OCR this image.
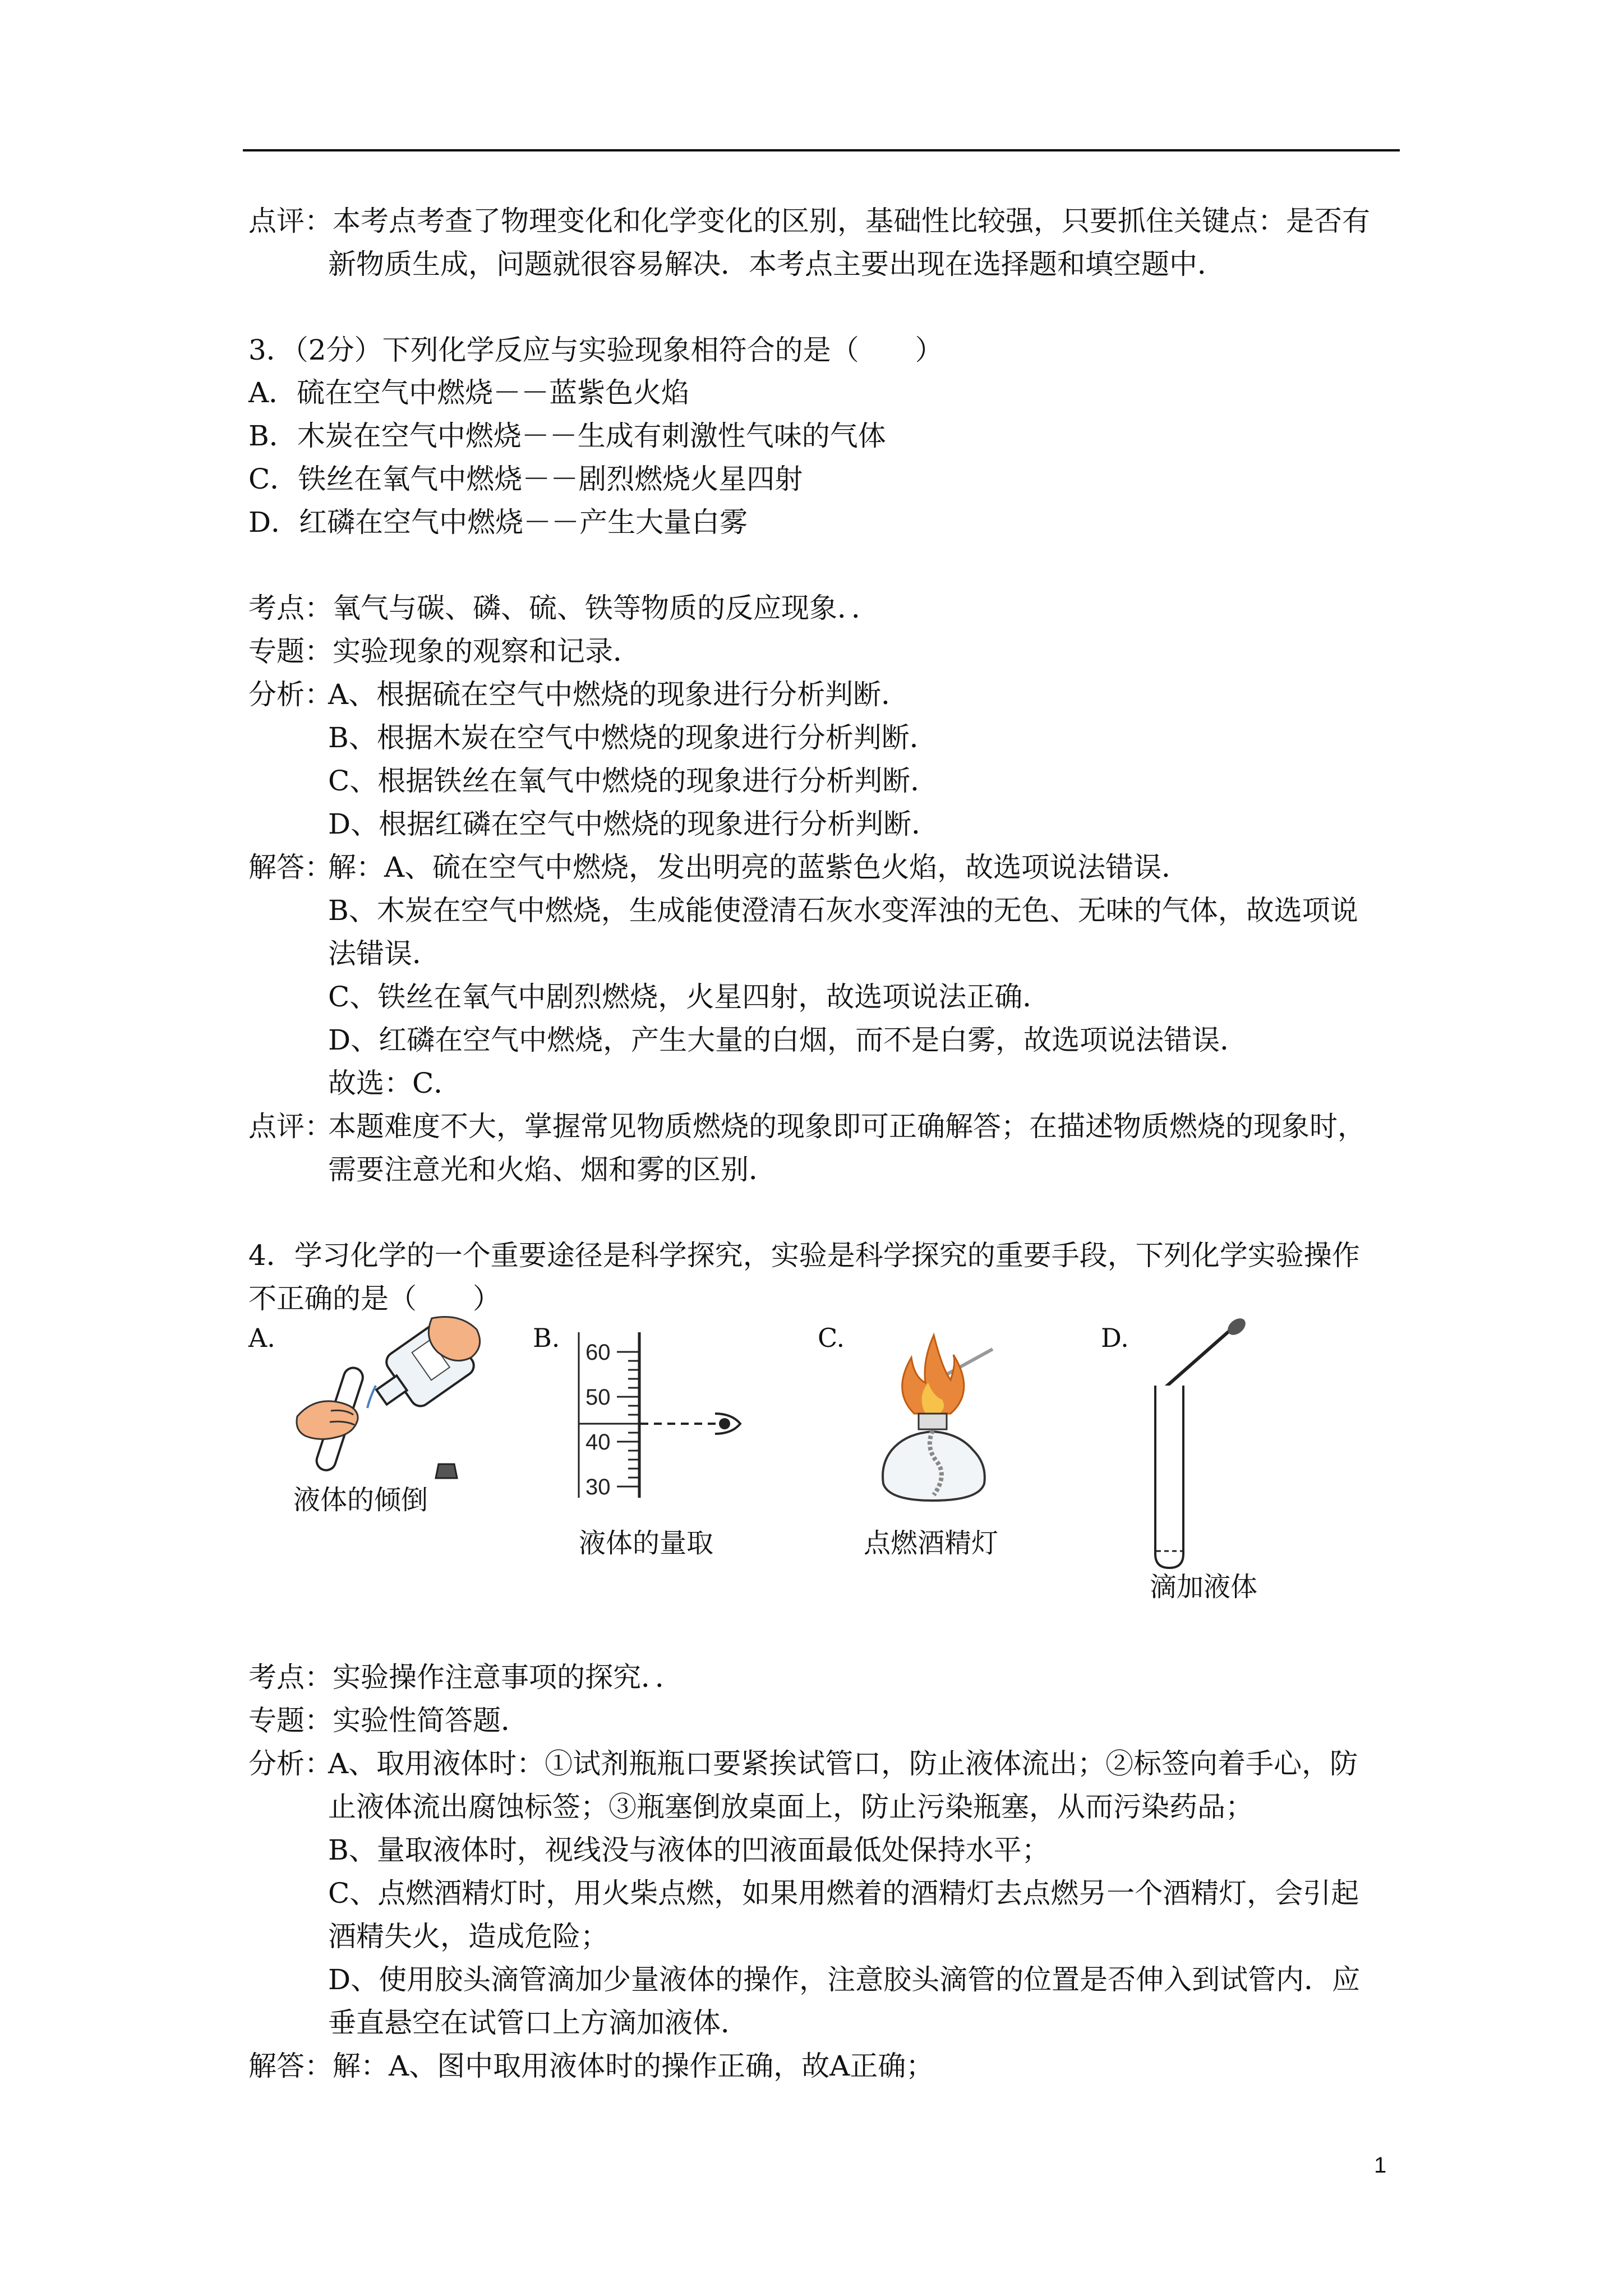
点评：本考点考查了物理变化和化学变化的区别，基础性比较强，只要抓住关键点：是否有
新物质生成，问题就很容易解决．本考点主要出现在选择题和填空题中．
3．（2分）下列化学反应与实验现象相符合的是（　　）
A．硫在空气中燃烧－－蓝紫色火焰
B．木炭在空气中燃烧－－生成有刺激性气味的气体
C．铁丝在氧气中燃烧－－剧烈燃烧火星四射
D．红磷在空气中燃烧－－产生大量白雾
考点：氧气与碳、磷、硫、铁等物质的反应现象．．
专题：实验现象的观察和记录．
分析：
A、根据硫在空气中燃烧的现象进行分析判断．
B、根据木炭在空气中燃烧的现象进行分析判断．
C、根据铁丝在氧气中燃烧的现象进行分析判断．
D、根据红磷在空气中燃烧的现象进行分析判断．
解答：
解：A、硫在空气中燃烧，发出明亮的蓝紫色火焰，故选项说法错误．
B、木炭在空气中燃烧，生成能使澄清石灰水变浑浊的无色、无味的气体，故选项说
法错误．
C、铁丝在氧气中剧烈燃烧，火星四射，故选项说法正确．
D、红磷在空气中燃烧，产生大量的白烟，而不是白雾，故选项说法错误．
故选：C．
点评：
本题难度不大，掌握常见物质燃烧的现象即可正确解答；在描述物质燃烧的现象时，
需要注意光和火焰、烟和雾的区别．
4．学习化学的一个重要途径是科学探究，实验是科学探究的重要手段，下列化学实验操作
不正确的是（　　）
A.	B.	C.	D.
液体的倾倒
60
50
40
30
液体的量取	点燃酒精灯
滴加液体
考点：实验操作注意事项的探究．．
专题：实验性简答题．
分析：
A、取用液体时：①试剂瓶瓶口要紧挨试管口，防止液体流出；②标签向着手心，防
止液体流出腐蚀标签；③瓶塞倒放桌面上，防止污染瓶塞，从而污染药品；
B、量取液体时，视线没与液体的凹液面最低处保持水平；
C、点燃酒精灯时，用火柴点燃，如果用燃着的酒精灯去点燃另一个酒精灯，会引起
酒精失火，造成危险；
D、使用胶头滴管滴加少量液体的操作，注意胶头滴管的位置是否伸入到试管内．应
垂直悬空在试管口上方滴加液体．
解答：解：A、图中取用液体时的操作正确，故A正确；
1
